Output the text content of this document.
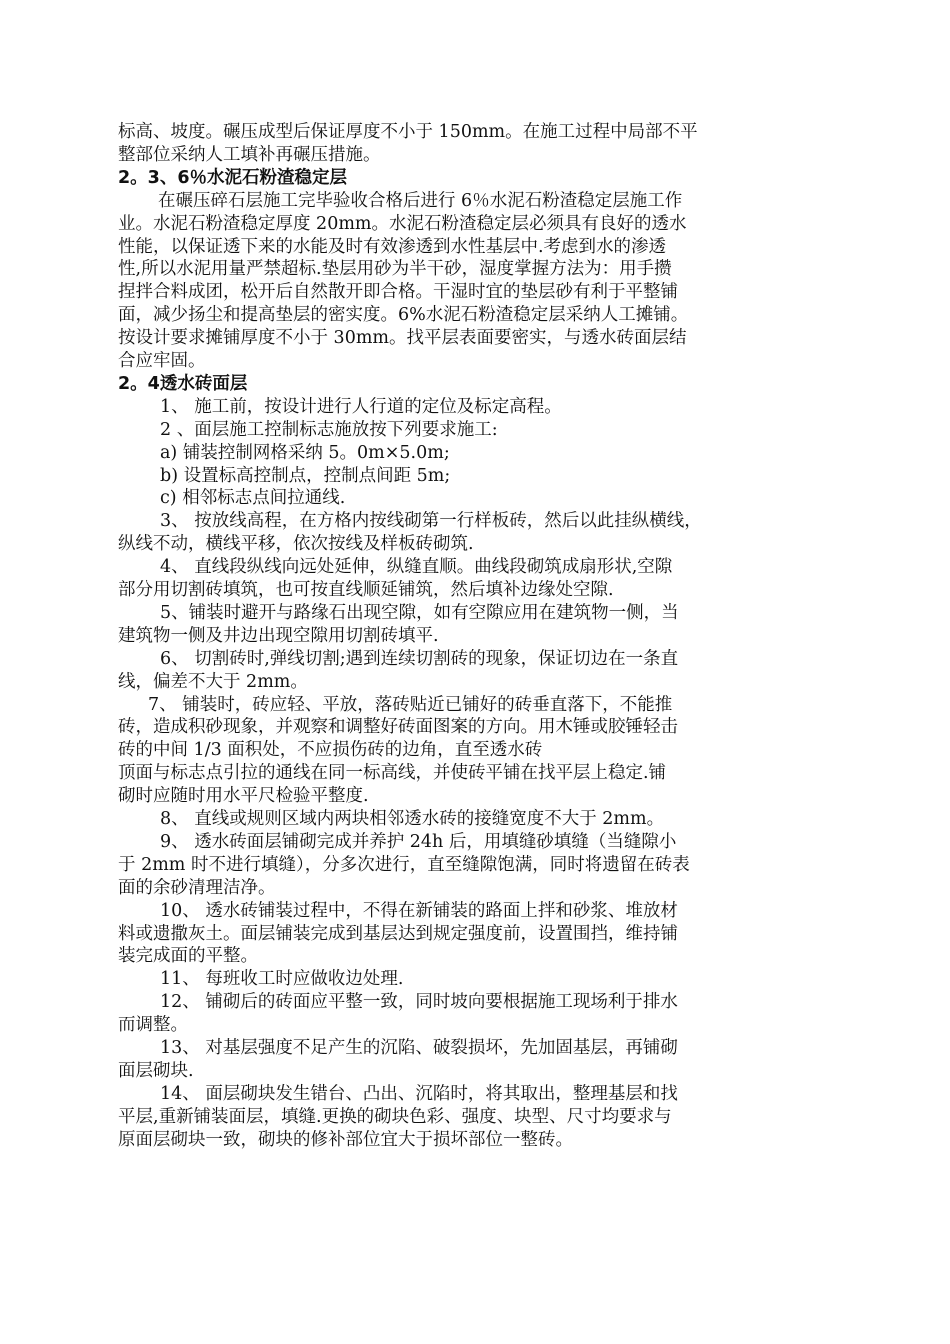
标高、坡度。碾压成型后保证厚度不小于 150mm。在施工过程中局部不平
整部位采纳人工填补再碾压措施。
2。3、6％水泥石粉渣稳定层
在碾压碎石层施工完毕验收合格后进行 6％水泥石粉渣稳定层施工作
业。水泥石粉渣稳定厚度 20mm。水泥石粉渣稳定层必须具有良好的透水
性能，以保证透下来的水能及时有效渗透到水性基层中.考虑到水的渗透
性,所以水泥用量严禁超标.垫层用砂为半干砂，湿度掌握方法为：用手攒
捏拌合料成团，松开后自然散开即合格。干湿时宜的垫层砂有利于平整铺
面，减少扬尘和提高垫层的密实度。6%水泥石粉渣稳定层采纳人工摊铺。
按设计要求摊铺厚度不小于 30mm。找平层表面要密实，与透水砖面层结
合应牢固。
2。4透水砖面层
1、 施工前，按设计进行人行道的定位及标定高程。
2 、面层施工控制标志施放按下列要求施工:
a) 铺装控制网格采纳 5。0m×5.0m;
b) 设置标高控制点，控制点间距 5m;
c) 相邻标志点间拉通线.
3、 按放线高程，在方格内按线砌第一行样板砖，然后以此挂纵横线，
纵线不动，横线平移，依次按线及样板砖砌筑.
4、 直线段纵线向远处延伸，纵缝直顺。曲线段砌筑成扇形状,空隙
部分用切割砖填筑，也可按直线顺延铺筑，然后填补边缘处空隙.
5、铺装时避开与路缘石出现空隙，如有空隙应用在建筑物一侧，当
建筑物一侧及井边出现空隙用切割砖填平.
6、 切割砖时,弹线切割;遇到连续切割砖的现象，保证切边在一条直
线，偏差不大于 2mm。
7、 铺装时，砖应轻、平放，落砖贴近已铺好的砖垂直落下，不能推
砖，造成积砂现象，并观察和调整好砖面图案的方向。用木锤或胶锤轻击
砖的中间 1/3 面积处，不应损伤砖的边角，直至透水砖
顶面与标志点引拉的通线在同一标高线，并使砖平铺在找平层上稳定.铺
砌时应随时用水平尺检验平整度.
8、 直线或规则区域内两块相邻透水砖的接缝宽度不大于 2mm。
9、 透水砖面层铺砌完成并养护 24h 后，用填缝砂填缝（当缝隙小
于 2mm 时不进行填缝），分多次进行，直至缝隙饱满，同时将遗留在砖表
面的余砂清理洁净。
10、 透水砖铺装过程中，不得在新铺装的路面上拌和砂浆、堆放材
料或遗撒灰土。面层铺装完成到基层达到规定强度前，设置围挡，维持铺
装完成面的平整。
11、 每班收工时应做收边处理.
12、 铺砌后的砖面应平整一致，同时坡向要根据施工现场利于排水
而调整。
13、 对基层强度不足产生的沉陷、破裂损坏，先加固基层，再铺砌
面层砌块.
14、 面层砌块发生错台、凸出、沉陷时，将其取出，整理基层和找
平层,重新铺装面层，填缝.更换的砌块色彩、强度、块型、尺寸均要求与
原面层砌块一致，砌块的修补部位宜大于损坏部位一整砖。
